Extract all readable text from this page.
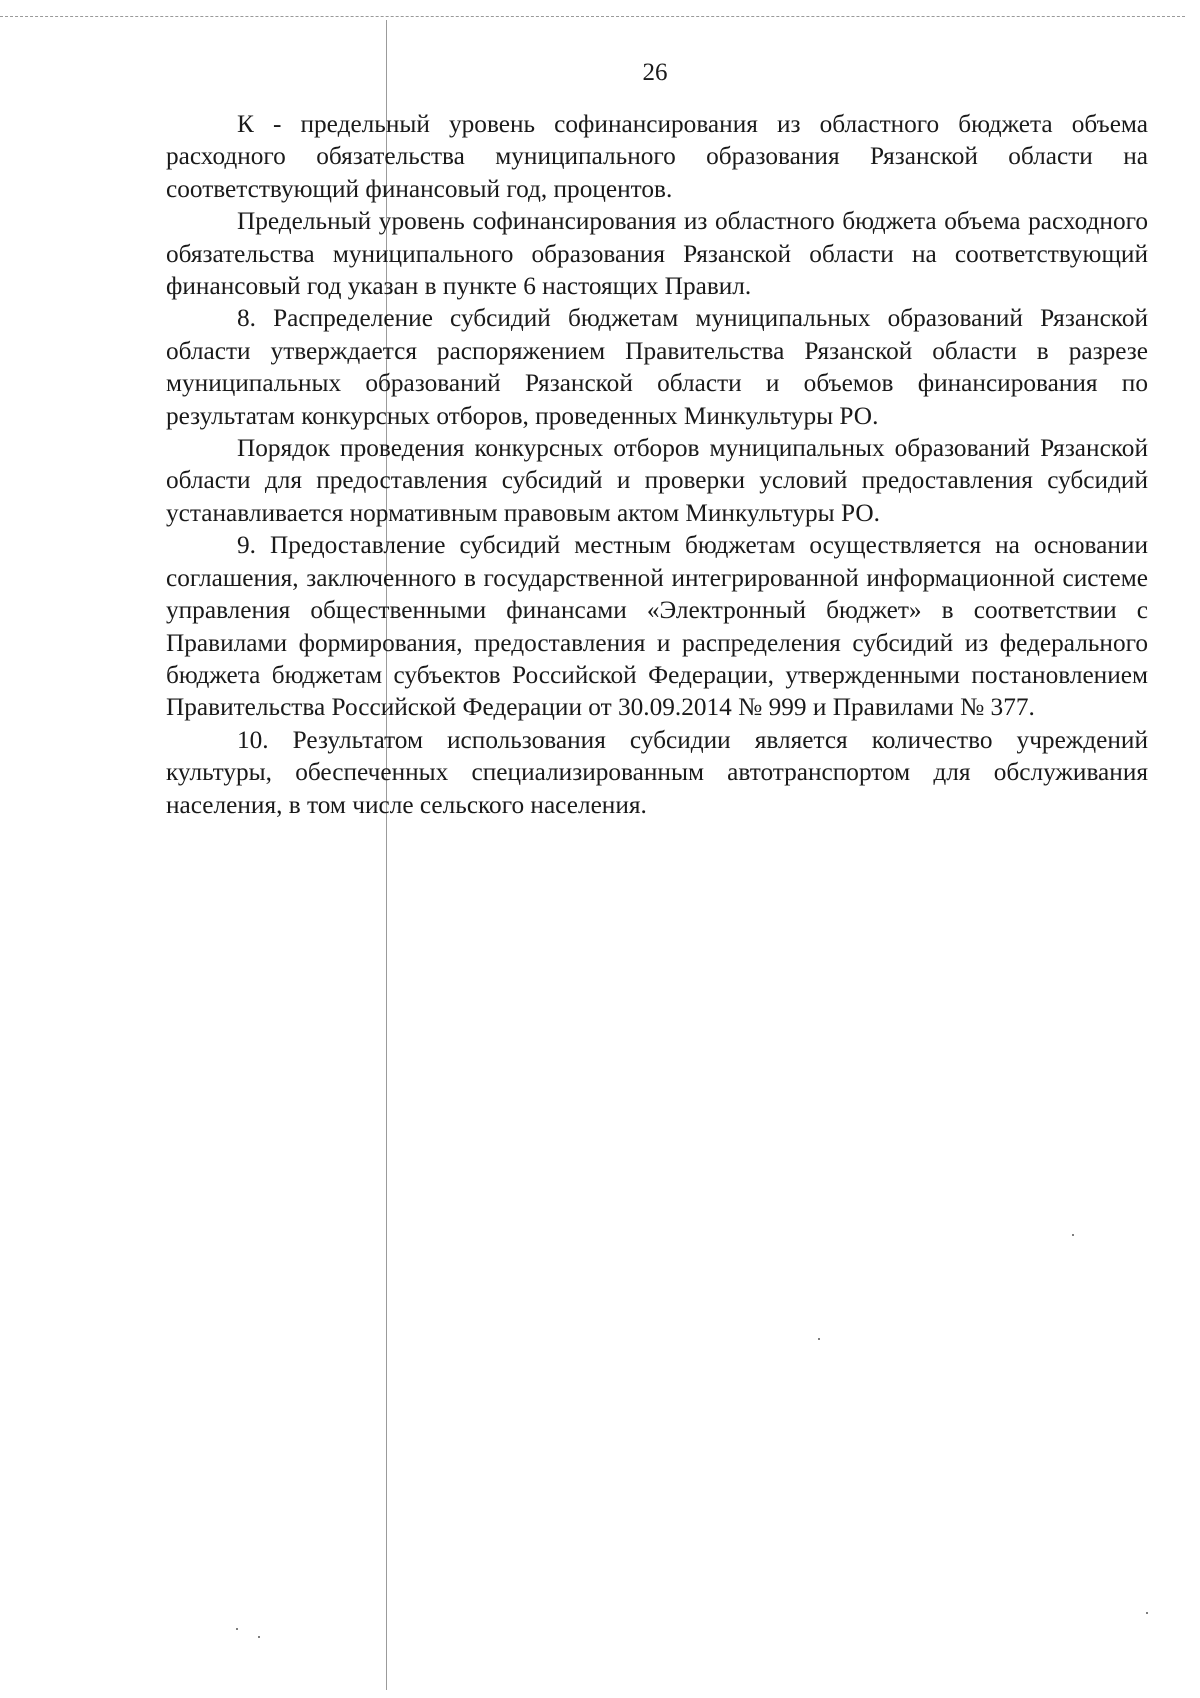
26

К - предельный уровень софинансирования из областного бюджета объема расходного обязательства муниципального образования Рязанской области на соответствующий финансовый год, процентов.

Предельный уровень софинансирования из областного бюджета объема расходного обязательства муниципального образования Рязанской области на соответствующий финансовый год указан в пункте 6 настоящих Правил.

8. Распределение субсидий бюджетам муниципальных образований Рязанской области утверждается распоряжением Правительства Рязанской области в разрезе муниципальных образований Рязанской области и объемов финансирования по результатам конкурсных отборов, проведенных Минкультуры РО.

Порядок проведения конкурсных отборов муниципальных образований Рязанской области для предоставления субсидий и проверки условий предоставления субсидий устанавливается нормативным правовым актом Минкультуры РО.

9. Предоставление субсидий местным бюджетам осуществляется на основании соглашения, заключенного в государственной интегрированной информационной системе управления общественными финансами «Электронный бюджет» в соответствии с Правилами формирования, предоставления и распределения субсидий из федерального бюджета бюджетам субъектов Российской Федерации, утвержденными постановлением Правительства Российской Федерации от 30.09.2014 № 999 и Правилами № 377.

10. Результатом использования субсидии является количество учреждений культуры, обеспеченных специализированным автотранспортом для обслуживания населения, в том числе сельского населения.
